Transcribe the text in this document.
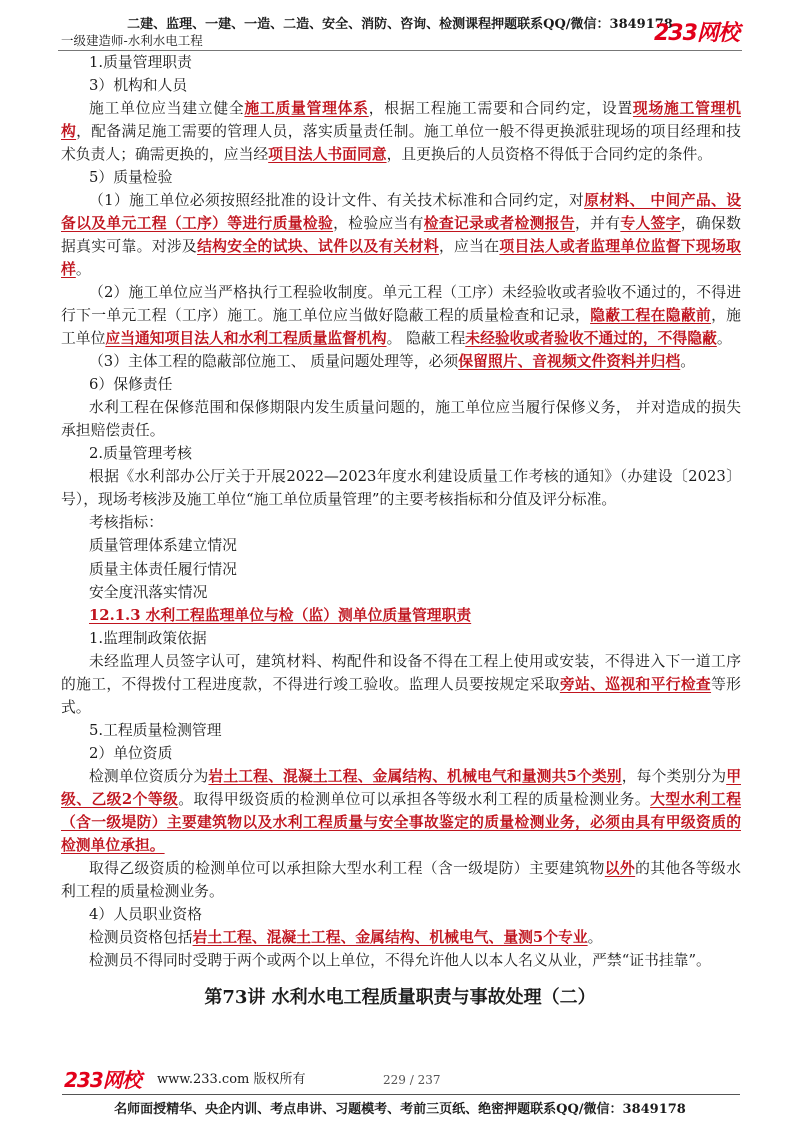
二建、监理、一建、一造、二造、安全、消防、咨询、检测课程押题联系QQ/微信：3849178
一级建造师-水利水电工程	233网校
1.质量管理职责
3）机构和人员
施工单位应当建立健全施工质量管理体系，根据工程施工需要和合同约定，设置现场施工管理机
构，配备满足施工需要的管理人员，落实质量责任制。施工单位一般不得更换派驻现场的项目经理和技
术负责人；确需更换的，应当经项目法人书面同意，且更换后的人员资格不得低于合同约定的条件。
5）质量检验
（1）施工单位必须按照经批准的设计文件、有关技术标准和合同约定，对原材料、 中间产品、设
备以及单元工程（工序）等进行质量检验，检验应当有检查记录或者检测报告，并有专人签字，确保数
据真实可靠。对涉及结构安全的试块、试件以及有关材料，应当在项目法人或者监理单位监督下现场取
样。
（2）施工单位应当严格执行工程验收制度。单元工程（工序）未经验收或者验收不通过的，不得进
行下一单元工程（工序）施工。施工单位应当做好隐蔽工程的质量检查和记录，隐蔽工程在隐蔽前，施
工单位应当通知项目法人和水利工程质量监督机构。 隐蔽工程未经验收或者验收不通过的，不得隐蔽。
（3）主体工程的隐蔽部位施工、 质量问题处理等，必须保留照片、音视频文件资料并归档。
6）保修责任
水利工程在保修范围和保修期限内发生质量问题的，施工单位应当履行保修义务， 并对造成的损失
承担赔偿责任。
2.质量管理考核
根据《水利部办公厅关于开展2022—2023年度水利建设质量工作考核的通知》（办建设〔2023〕
号），现场考核涉及施工单位“施工单位质量管理”的主要考核指标和分值及评分标准。
考核指标：
质量管理体系建立情况
质量主体责任履行情况
安全度汛落实情况
12.1.3 水利工程监理单位与检（监）测单位质量管理职责
1.监理制政策依据
未经监理人员签字认可，建筑材料、构配件和设备不得在工程上使用或安装，不得进入下一道工序
的施工，不得拨付工程进度款，不得进行竣工验收。监理人员要按规定采取旁站、巡视和平行检查等形
式。
5.工程质量检测管理
2）单位资质
检测单位资质分为岩土工程、混凝土工程、金属结构、机械电气和量测共5个类别，每个类别分为甲
级、乙级2个等级。取得甲级资质的检测单位可以承担各等级水利工程的质量检测业务。大型水利工程
（含一级堤防）主要建筑物以及水利工程质量与安全事故鉴定的质量检测业务，必须由具有甲级资质的
检测单位承担。
取得乙级资质的检测单位可以承担除大型水利工程（含一级堤防）主要建筑物以外的其他各等级水
利工程的质量检测业务。
4）人员职业资格
检测员资格包括岩土工程、混凝土工程、金属结构、机械电气、量测5个专业。
检测员不得同时受聘于两个或两个以上单位，不得允许他人以本人名义从业，严禁“证书挂靠”。
第73讲 水利水电工程质量职责与事故处理（二）
233网校 www.233.com 版权所有	229 / 237
名师面授精华、央企内训、考点串讲、习题模考、考前三页纸、绝密押题联系QQ/微信：3849178
